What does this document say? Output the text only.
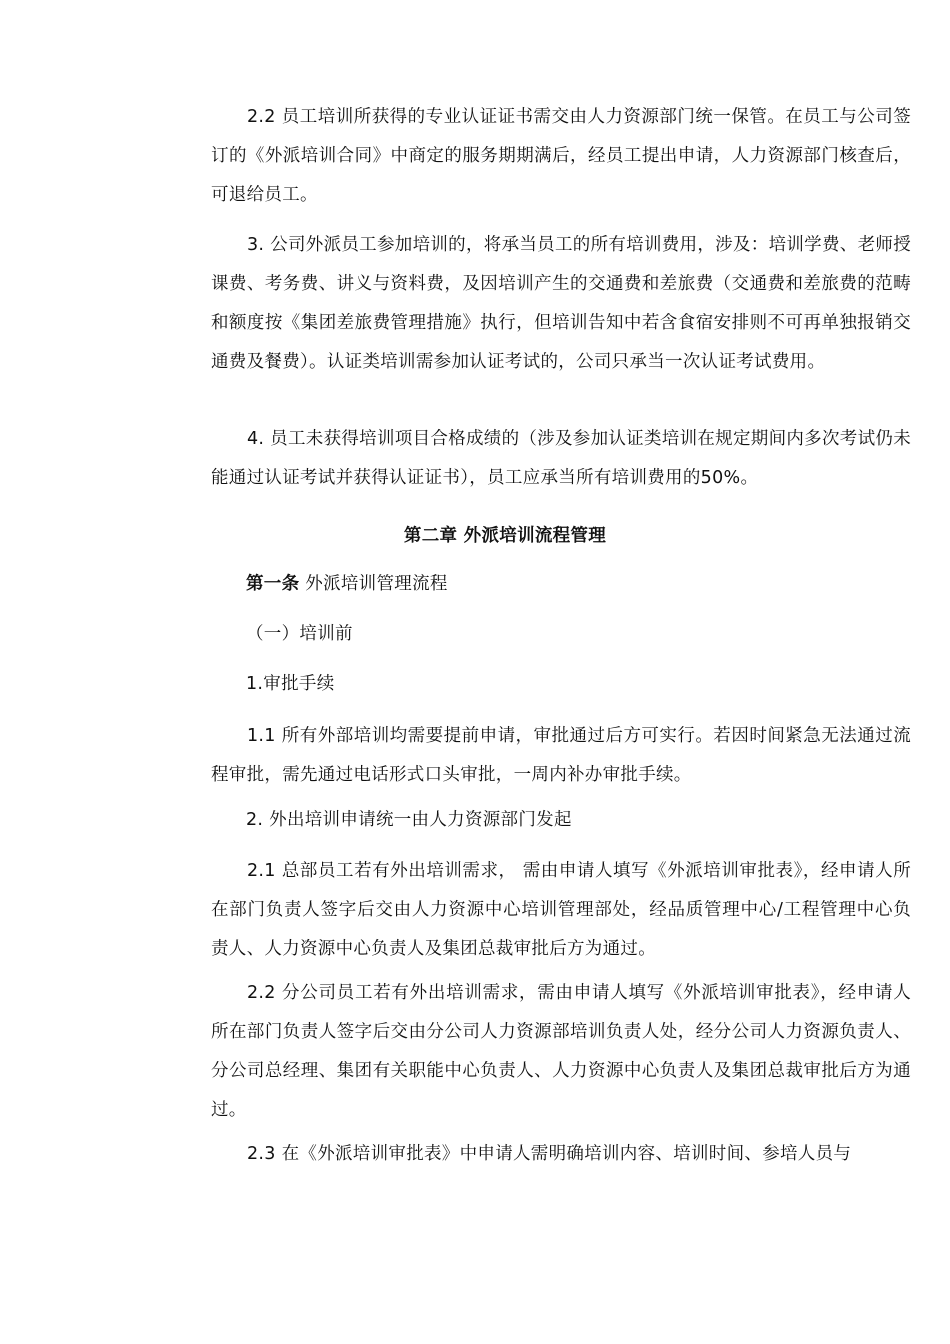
2.2 员工培训所获得的专业认证证书需交由人力资源部门统一保管。在员工与公司签订的《外派培训合同》中商定的服务期期满后，经员工提出申请，人力资源部门核查后，可退给员工。

3. 公司外派员工参加培训的，将承当员工的所有培训费用，涉及：培训学费、老师授课费、考务费、讲义与资料费，及因培训产生的交通费和差旅费（交通费和差旅费的范畴和额度按《集团差旅费管理措施》执行，但培训告知中若含食宿安排则不可再单独报销交通费及餐费）。认证类培训需参加认证考试的，公司只承当一次认证考试费用。

4. 员工未获得培训项目合格成绩的（涉及参加认证类培训在规定期间内多次考试仍未能通过认证考试并获得认证证书），员工应承当所有培训费用的50%。

第二章 外派培训流程管理

第一条 外派培训管理流程

（一）培训前

1.审批手续

1.1 所有外部培训均需要提前申请，审批通过后方可实行。若因时间紧急无法通过流程审批，需先通过电话形式口头审批，一周内补办审批手续。

2. 外出培训申请统一由人力资源部门发起

2.1 总部员工若有外出培训需求， 需由申请人填写《外派培训审批表》，经申请人所在部门负责人签字后交由人力资源中心培训管理部处，经品质管理中心/工程管理中心负责人、人力资源中心负责人及集团总裁审批后方为通过。

2.2 分公司员工若有外出培训需求，需由申请人填写《外派培训审批表》，经申请人所在部门负责人签字后交由分公司人力资源部培训负责人处，经分公司人力资源负责人、分公司总经理、集团有关职能中心负责人、人力资源中心负责人及集团总裁审批后方为通过。

2.3 在《外派培训审批表》中申请人需明确培训内容、培训时间、参培人员与
